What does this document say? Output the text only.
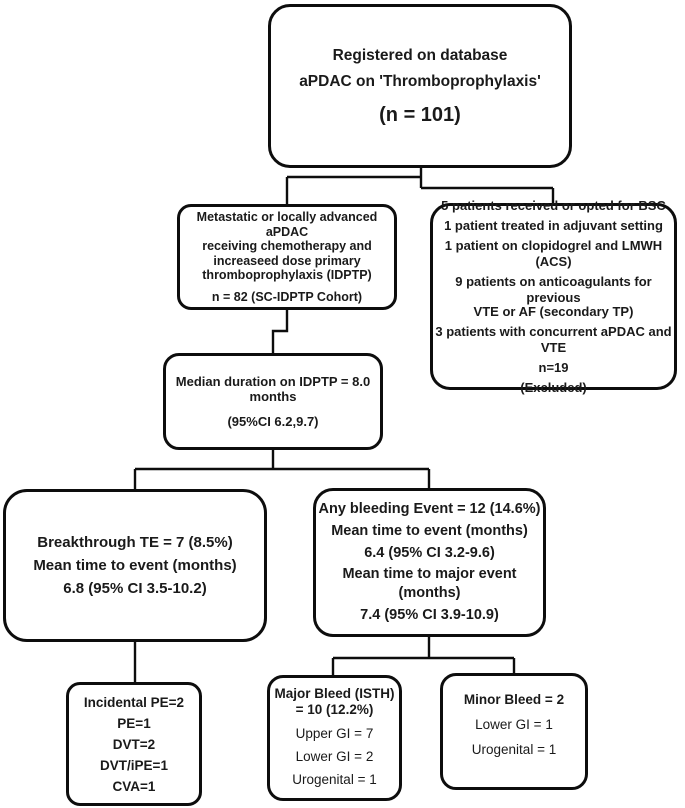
Registered on database
aPDAC on 'Thromboprophylaxis'
(n = 101)
Metastatic or locally advanced aPDAC
receiving chemotherapy and
increaseed dose primary
thromboprophylaxis (IDPTP)
n = 82 (SC-IDPTP Cohort)
5 patients received or opted for BSC
1 patient treated in adjuvant setting
1 patient on clopidogrel and LMWH (ACS)
9 patients on anticoagulants for previous
VTE or AF (secondary TP)
3 patients with concurrent aPDAC and VTE
n=19
(Excluded)
Median duration on IDPTP = 8.0
months
(95%CI 6.2,9.7)
Breakthrough TE = 7 (8.5%)
Mean time to event (months)
6.8 (95% CI 3.5-10.2)
Any bleeding Event = 12 (14.6%)
Mean time to event (months)
6.4 (95% CI 3.2-9.6)
Mean time to major event (months)
7.4 (95% CI 3.9-10.9)
Incidental PE=2
PE=1
DVT=2
DVT/iPE=1
CVA=1
Major Bleed (ISTH)
= 10 (12.2%)
Upper GI = 7
Lower GI = 2
Urogenital = 1
Minor Bleed = 2
Lower GI = 1
Urogenital = 1
